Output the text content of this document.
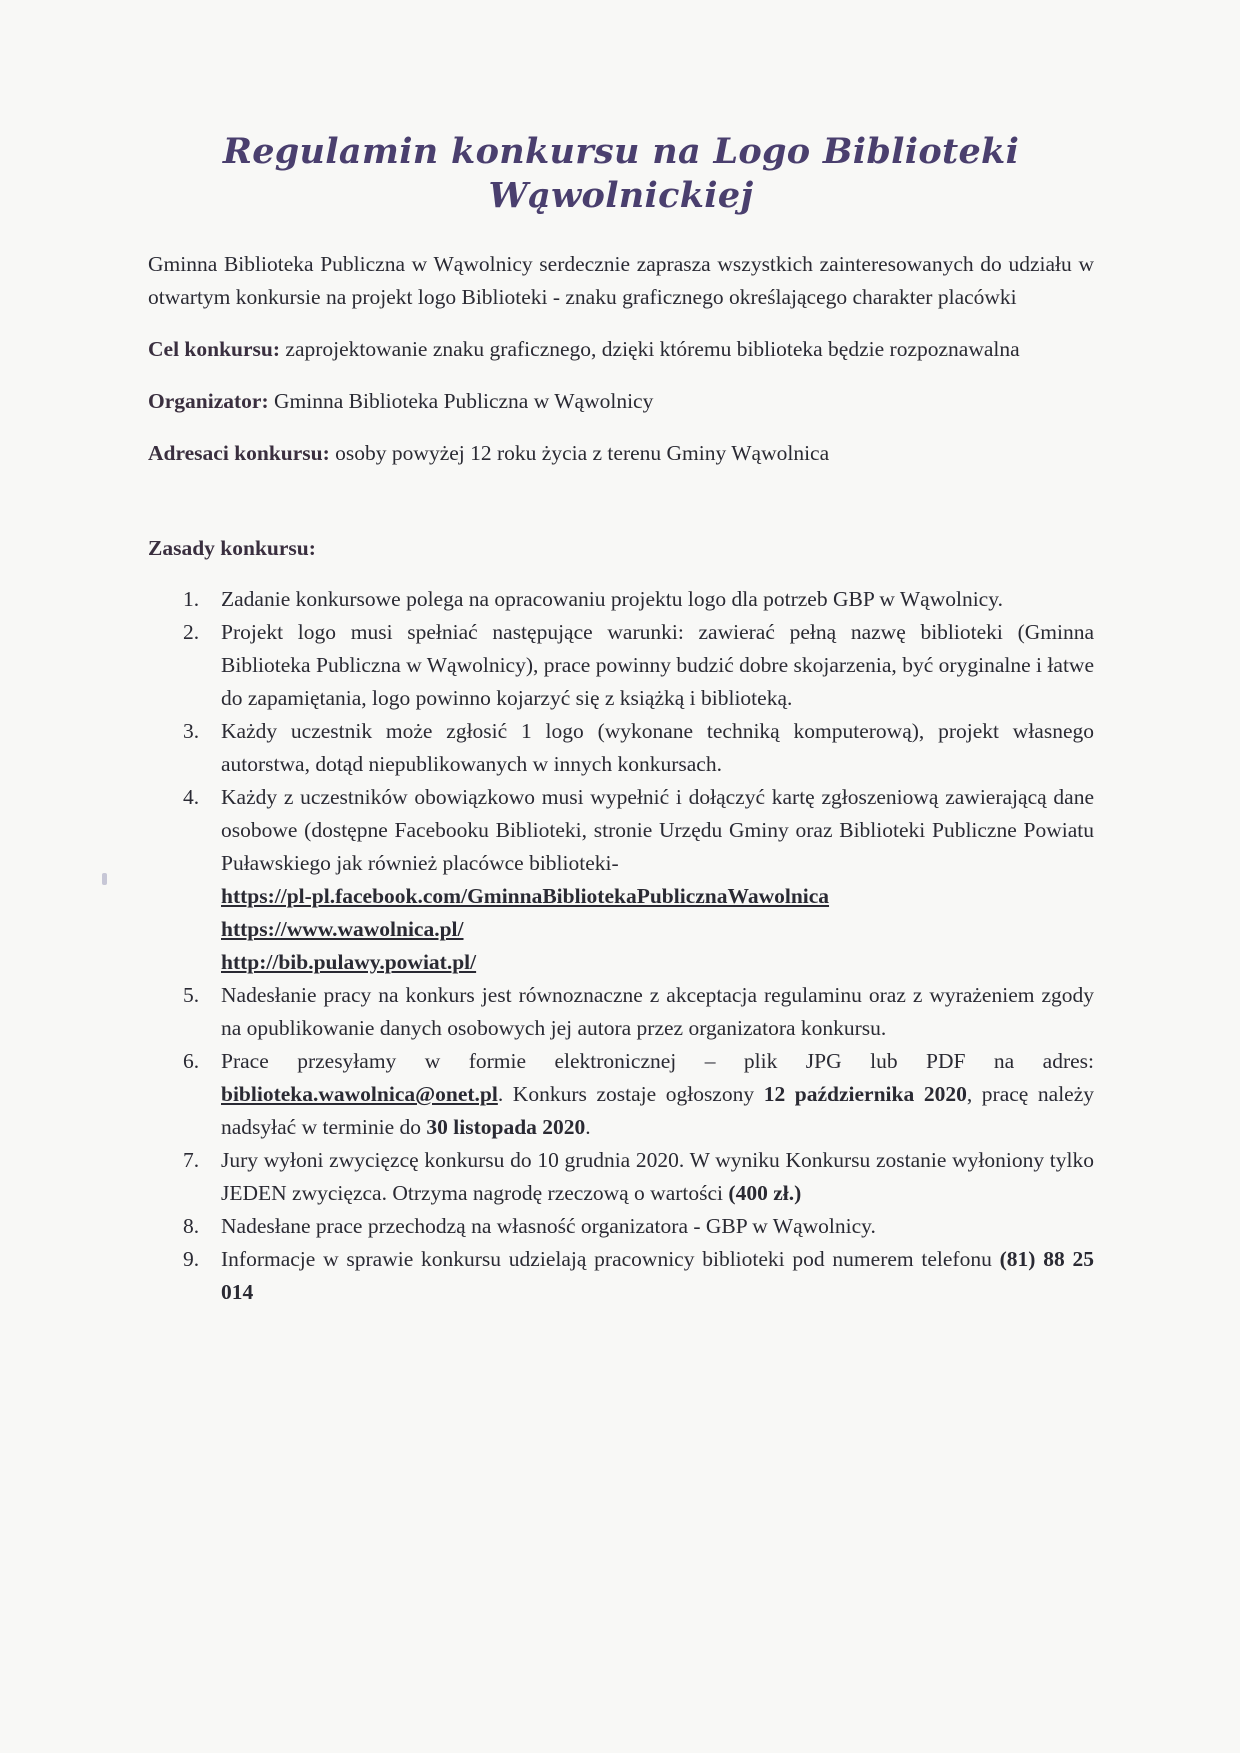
Regulamin konkursu na Logo Biblioteki Wąwolnickiej

Gminna Biblioteka Publiczna w Wąwolnicy serdecznie zaprasza wszystkich zainteresowanych do udziału w otwartym konkursie na projekt logo Biblioteki - znaku graficznego określającego charakter placówki

Cel konkursu: zaprojektowanie znaku graficznego, dzięki któremu biblioteka będzie rozpoznawalna

Organizator: Gminna Biblioteka Publiczna w Wąwolnicy

Adresaci konkursu: osoby powyżej 12 roku życia z terenu Gminy Wąwolnica

Zasady konkursu:

1.	Zadanie konkursowe polega na opracowaniu projektu logo dla potrzeb GBP w Wąwolnicy.
2.	Projekt logo musi spełniać następujące warunki: zawierać pełną nazwę biblioteki (Gminna Biblioteka Publiczna w Wąwolnicy), prace powinny budzić dobre skojarzenia, być oryginalne i łatwe do zapamiętania, logo powinno kojarzyć się z książką i biblioteką.
3.	Każdy uczestnik może zgłosić 1 logo (wykonane techniką komputerową), projekt własnego autorstwa, dotąd niepublikowanych w innych konkursach.
4.	Każdy z uczestników obowiązkowo musi wypełnić i dołączyć kartę zgłoszeniową zawierającą dane osobowe (dostępne Facebooku Biblioteki, stronie Urzędu Gminy oraz Biblioteki Publiczne Powiatu Puławskiego jak również placówce biblioteki-
https://pl-pl.facebook.com/GminnaBibliotekaPublicznaWawolnica
https://www.wawolnica.pl/
http://bib.pulawy.powiat.pl/
5.	Nadesłanie pracy na konkurs jest równoznaczne z akceptacja regulaminu oraz z wyrażeniem zgody na opublikowanie danych osobowych jej autora przez organizatora konkursu.
6.	Prace przesyłamy w formie elektronicznej – plik JPG lub PDF na adres: biblioteka.wawolnica@onet.pl. Konkurs zostaje ogłoszony 12 października 2020, pracę należy nadsyłać w terminie do 30 listopada 2020.
7.	Jury wyłoni zwycięzcę konkursu do 10 grudnia 2020. W wyniku Konkursu zostanie wyłoniony tylko JEDEN zwycięzca. Otrzyma nagrodę rzeczową o wartości (400 zł.)
8.	Nadesłane prace przechodzą na własność organizatora - GBP w Wąwolnicy.
9.	Informacje w sprawie konkursu udzielają pracownicy biblioteki pod numerem telefonu (81) 88 25 014
